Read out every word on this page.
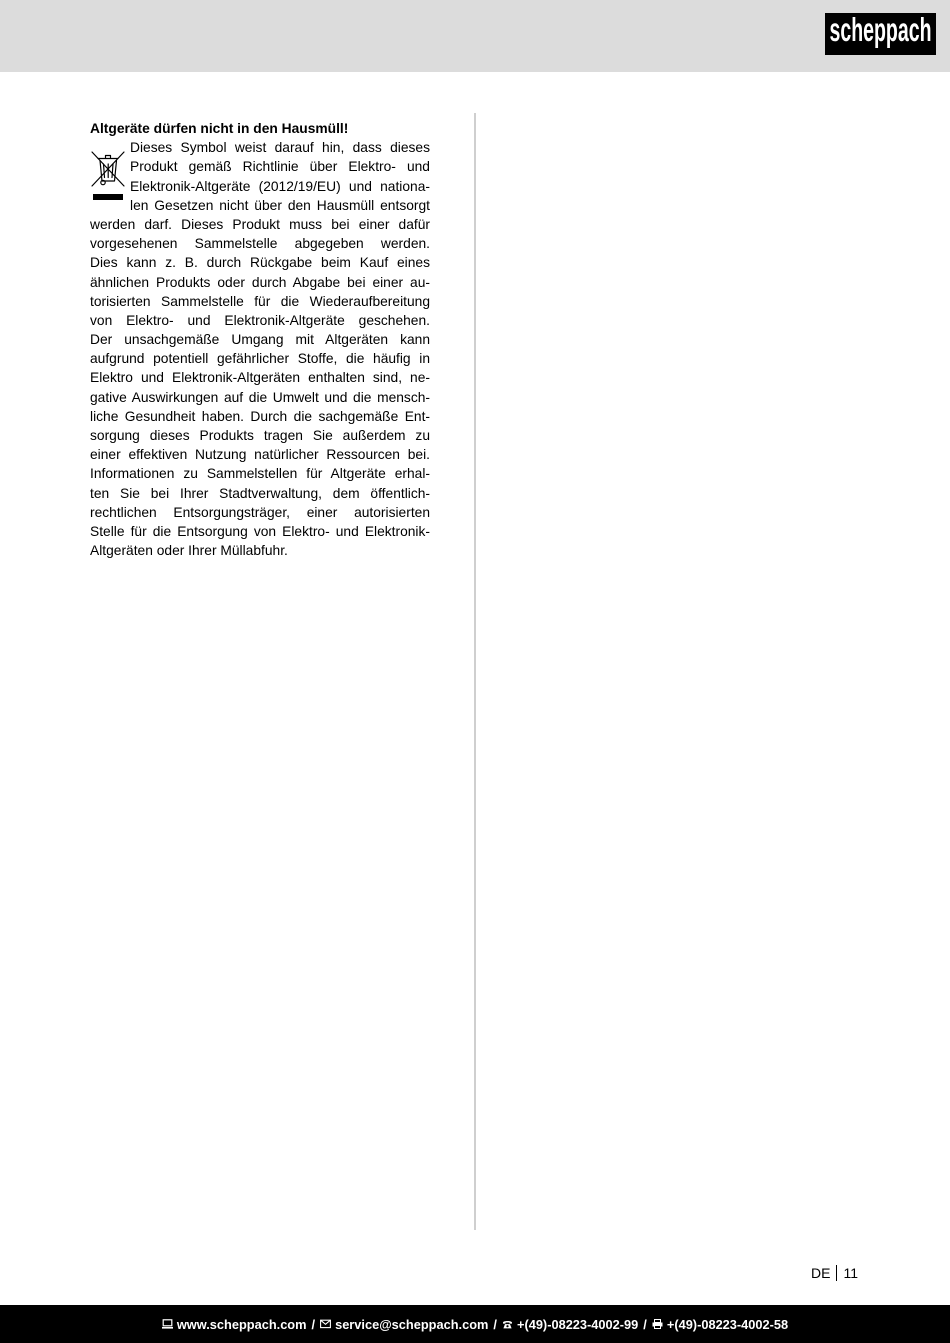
scheppach
Altgeräte dürfen nicht in den Hausmüll!
Dieses Symbol weist darauf hin, dass dieses
Produkt gemäß Richtlinie über Elektro- und
Elektronik-Altgeräte (2012/19/EU) und nationa-
len Gesetzen nicht über den Hausmüll entsorgt
werden darf. Dieses Produkt muss bei einer dafür
vorgesehenen Sammelstelle abgegeben werden.
Dies kann z. B. durch Rückgabe beim Kauf eines
ähnlichen Produkts oder durch Abgabe bei einer au-
torisierten Sammelstelle für die Wiederaufbereitung
von Elektro- und Elektronik-Altgeräte geschehen.
Der unsachgemäße Umgang mit Altgeräten kann
aufgrund potentiell gefährlicher Stoffe, die häufig in
Elektro und Elektronik-Altgeräten enthalten sind, ne-
gative Auswirkungen auf die Umwelt und die mensch-
liche Gesundheit haben. Durch die sachgemäße Ent-
sorgung dieses Produkts tragen Sie außerdem zu
einer effektiven Nutzung natürlicher Ressourcen bei.
Informationen zu Sammelstellen für Altgeräte erhal-
ten Sie bei Ihrer Stadtverwaltung, dem öffentlich-
rechtlichen Entsorgungsträger, einer autorisierten
Stelle für die Entsorgung von Elektro- und Elektronik-
Altgeräten oder Ihrer Müllabfuhr.
DE 11
www.scheppach.com / service@scheppach.com / +(49)-08223-4002-99 / +(49)-08223-4002-58
